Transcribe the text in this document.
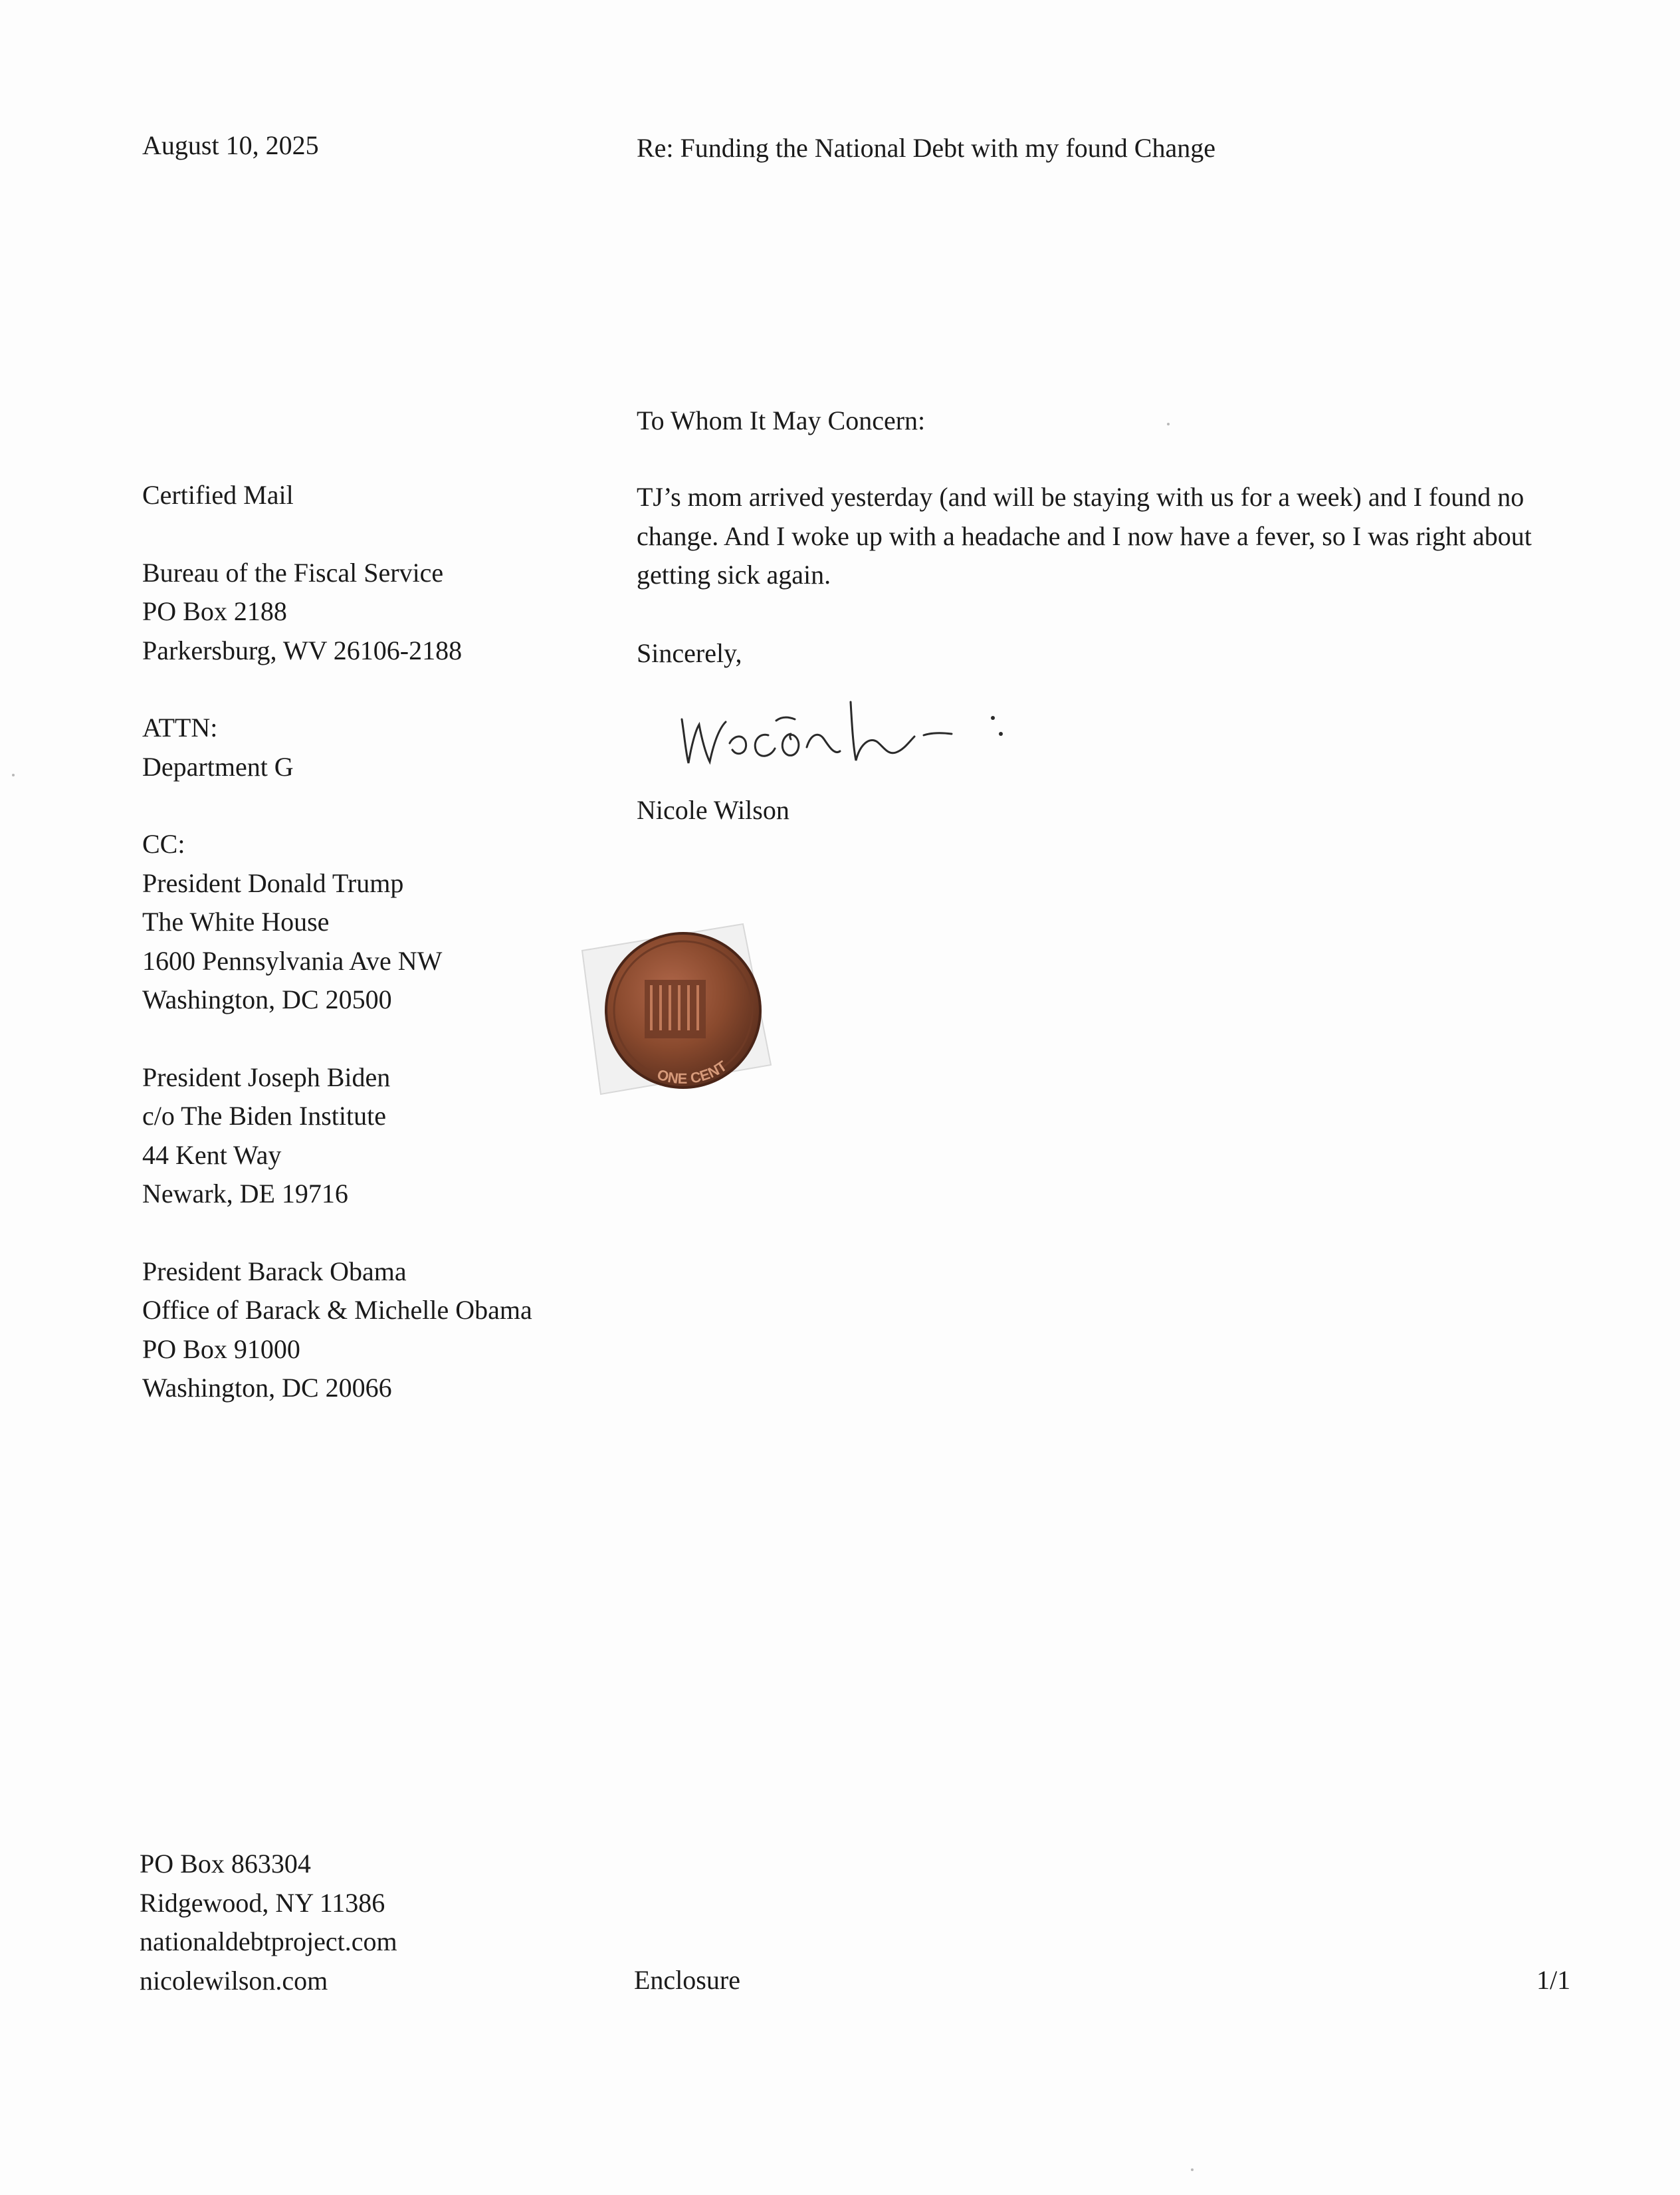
August 10, 2025	Re: Funding the National Debt with my found Change

To Whom It May Concern:

Certified Mail
Bureau of the Fiscal Service
PO Box 2188
Parkersburg, WV 26106-2188
ATTN:
Department G
CC:
President Donald Trump
The White House
1600 Pennsylvania Ave NW
Washington, DC 20500
President Joseph Biden
c/o The Biden Institute
44 Kent Way
Newark, DE 19716
President Barack Obama
Office of Barack & Michelle Obama
PO Box 91000
Washington, DC 20066
TJ’s mom arrived yesterday (and will be staying with us for a week) and I found no change. And I woke up with a headache and I now have a fever, so I was right about getting sick again.

Sincerely,

Nicole Wilson

ONE CENT
PO Box 863304
Ridgewood, NY 11386
nationaldebtproject.com
nicolewilson.com	Enclosure	1/1
